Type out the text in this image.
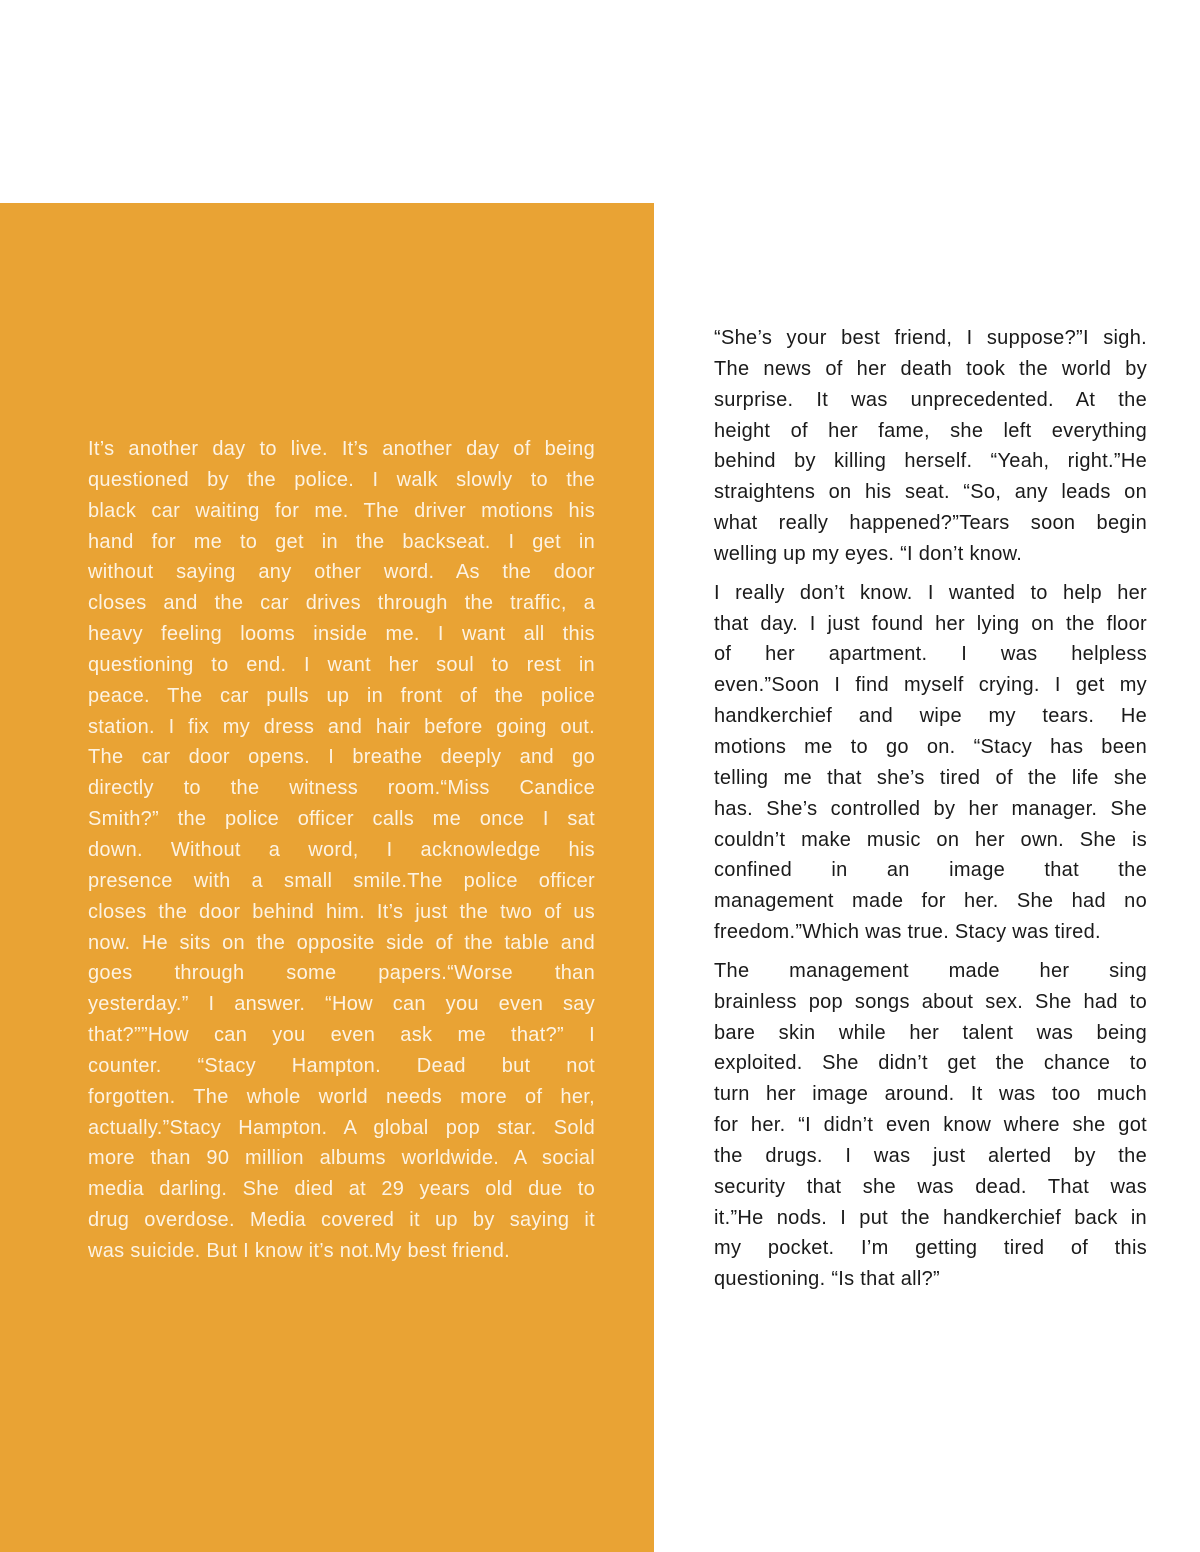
It’s another day to live. It’s another day of being
questioned by the police. I walk slowly to the
black car waiting for me. The driver motions his
hand for me to get in the backseat. I get in
without saying any other word. As the door
closes and the car drives through the traffic, a
heavy feeling looms inside me. I want all this
questioning to end. I want her soul to rest in
peace. The car pulls up in front of the police
station. I fix my dress and hair before going out.
The car door opens. I breathe deeply and go
directly to the witness room.“Miss Candice
Smith?” the police officer calls me once I sat
down. Without a word, I acknowledge his
presence with a small smile.The police officer
closes the door behind him. It’s just the two of us
now. He sits on the opposite side of the table and
goes through some papers.“Worse than
yesterday.” I answer. “How can you even say
that?””How can you even ask me that?” I
counter. “Stacy Hampton. Dead but not
forgotten. The whole world needs more of her,
actually.”Stacy Hampton. A global pop star. Sold
more than 90 million albums worldwide. A social
media darling. She died at 29 years old due to
drug overdose. Media covered it up by saying it
was suicide. But I know it’s not.My best friend.
“She’s your best friend, I suppose?”I sigh.
The news of her death took the world by
surprise. It was unprecedented. At the
height of her fame, she left everything
behind by killing herself. “Yeah, right.”He
straightens on his seat. “So, any leads on
what really happened?”Tears soon begin
welling up my eyes. “I don’t know.
I really don’t know. I wanted to help her
that day. I just found her lying on the floor
of her apartment. I was helpless
even.”Soon I find myself crying. I get my
handkerchief and wipe my tears. He
motions me to go on. “Stacy has been
telling me that she’s tired of the life she
has. She’s controlled by her manager. She
couldn’t make music on her own. She is
confined in an image that the
management made for her. She had no
freedom.”Which was true. Stacy was tired.
The management made her sing
brainless pop songs about sex. She had to
bare skin while her talent was being
exploited. She didn’t get the chance to
turn her image around. It was too much
for her. “I didn’t even know where she got
the drugs. I was just alerted by the
security that she was dead. That was
it.”He nods. I put the handkerchief back in
my pocket. I’m getting tired of this
questioning. “Is that all?”
